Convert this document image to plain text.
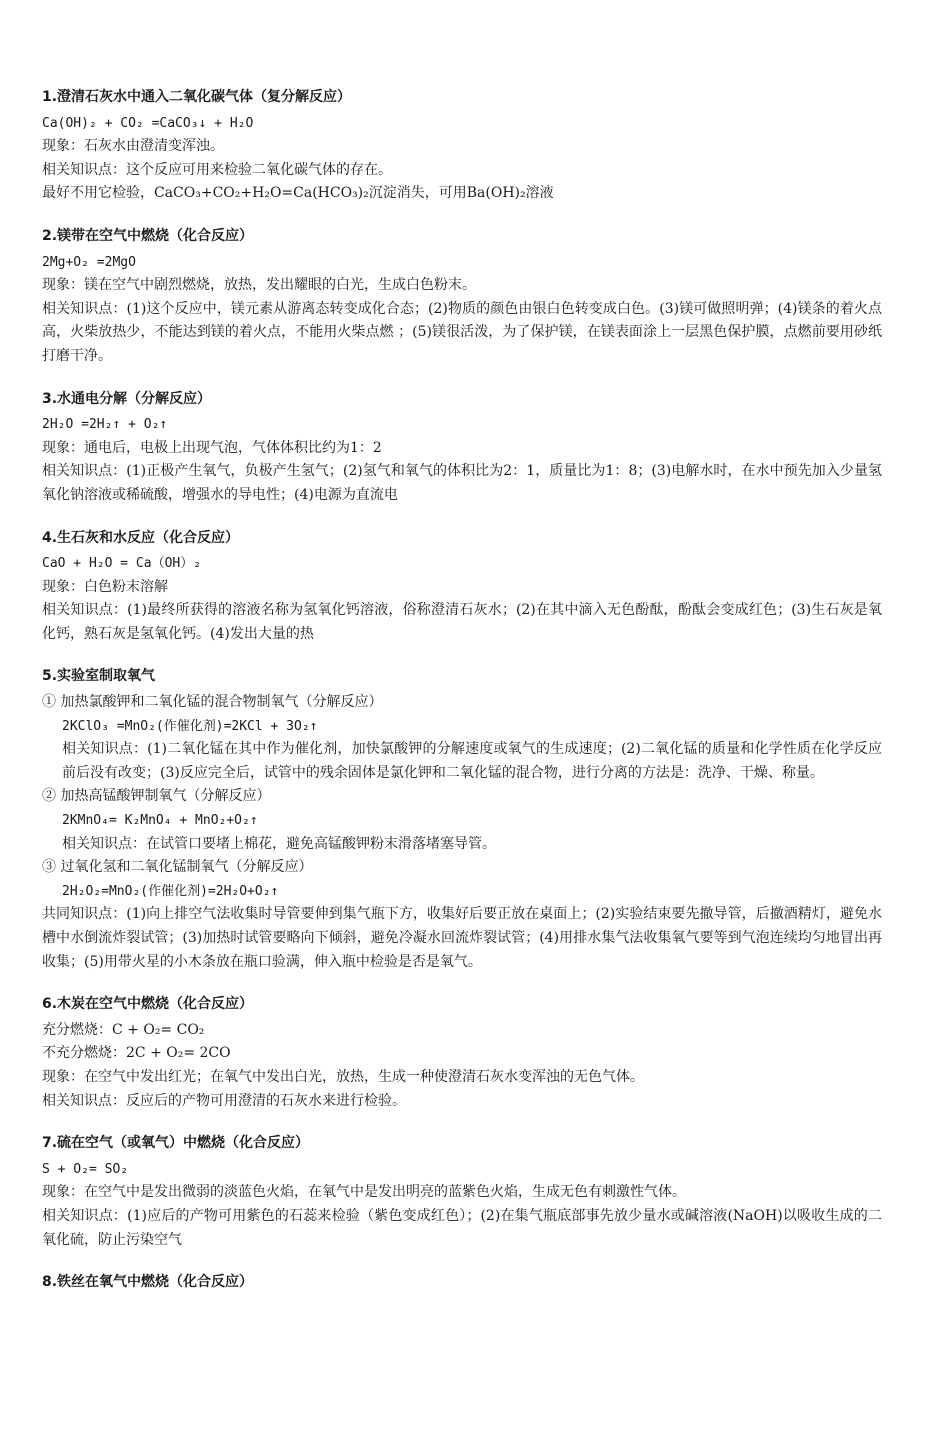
1.澄清石灰水中通入二氧化碳气体（复分解反应）
Ca(OH)₂ + CO₂ =CaCO₃↓ + H₂O
现象：石灰水由澄清变浑浊。
相关知识点：这个反应可用来检验二氧化碳气体的存在。
最好不用它检验，CaCO₃+CO₂+H₂O=Ca(HCO₃)₂沉淀消失，可用Ba(OH)₂溶液
2.镁带在空气中燃烧（化合反应）
2Mg+O₂ =2MgO
现象：镁在空气中剧烈燃烧，放热，发出耀眼的白光，生成白色粉末。
相关知识点：(1)这个反应中，镁元素从游离态转变成化合态；(2)物质的颜色由银白色转变成白色。(3)镁可做照明弹；(4)镁条的着火点高，火柴放热少，不能达到镁的着火点，不能用火柴点燃 ；(5)镁很活泼，为了保护镁，在镁表面涂上一层黑色保护膜，点燃前要用砂纸打磨干净。
3.水通电分解（分解反应）
2H₂O =2H₂↑ + O₂↑
现象：通电后，电极上出现气泡，气体体积比约为1：2
相关知识点：(1)正极产生氧气，负极产生氢气；(2)氢气和氧气的体积比为2：1，质量比为1：8；(3)电解水时，在水中预先加入少量氢氧化钠溶液或稀硫酸，增强水的导电性；(4)电源为直流电
4.生石灰和水反应（化合反应）
CaO + H₂O = Ca（OH）₂
现象：白色粉末溶解
相关知识点：(1)最终所获得的溶液名称为氢氧化钙溶液，俗称澄清石灰水；(2)在其中滴入无色酚酞，酚酞会变成红色；(3)生石灰是氧化钙，熟石灰是氢氧化钙。(4)发出大量的热
5.实验室制取氧气
① 加热氯酸钾和二氧化锰的混合物制氧气（分解反应）
2KClO₃ =MnO₂(作催化剂)=2KCl + 3O₂↑
相关知识点：(1)二氧化锰在其中作为催化剂，加快氯酸钾的分解速度或氧气的生成速度；(2)二氧化锰的质量和化学性质在化学反应前后没有改变；(3)反应完全后，试管中的残余固体是氯化钾和二氧化锰的混合物，进行分离的方法是：洗净、干燥、称量。
② 加热高锰酸钾制氧气（分解反应）
2KMnO₄= K₂MnO₄ + MnO₂+O₂↑
相关知识点：在试管口要堵上棉花，避免高锰酸钾粉末滑落堵塞导管。
③ 过氧化氢和二氧化锰制氧气（分解反应）
2H₂O₂=MnO₂(作催化剂)=2H₂O+O₂↑
共同知识点：(1)向上排空气法收集时导管要伸到集气瓶下方，收集好后要正放在桌面上；(2)实验结束要先撤导管，后撤酒精灯，避免水槽中水倒流炸裂试管；(3)加热时试管要略向下倾斜，避免冷凝水回流炸裂试管；(4)用排水集气法收集氧气要等到气泡连续均匀地冒出再收集；(5)用带火星的小木条放在瓶口验满，伸入瓶中检验是否是氧气。
6.木炭在空气中燃烧（化合反应）
充分燃烧：C + O₂= CO₂
不充分燃烧：2C + O₂= 2CO
现象：在空气中发出红光；在氧气中发出白光，放热，生成一种使澄清石灰水变浑浊的无色气体。
相关知识点：反应后的产物可用澄清的石灰水来进行检验。
7.硫在空气（或氧气）中燃烧（化合反应）
S + O₂= SO₂
现象：在空气中是发出微弱的淡蓝色火焰，在氧气中是发出明亮的蓝紫色火焰，生成无色有刺激性气体。
相关知识点：(1)应后的产物可用紫色的石蕊来检验（紫色变成红色）；(2)在集气瓶底部事先放少量水或碱溶液(NaOH)以吸收生成的二氧化硫，防止污染空气
8.铁丝在氧气中燃烧（化合反应）
